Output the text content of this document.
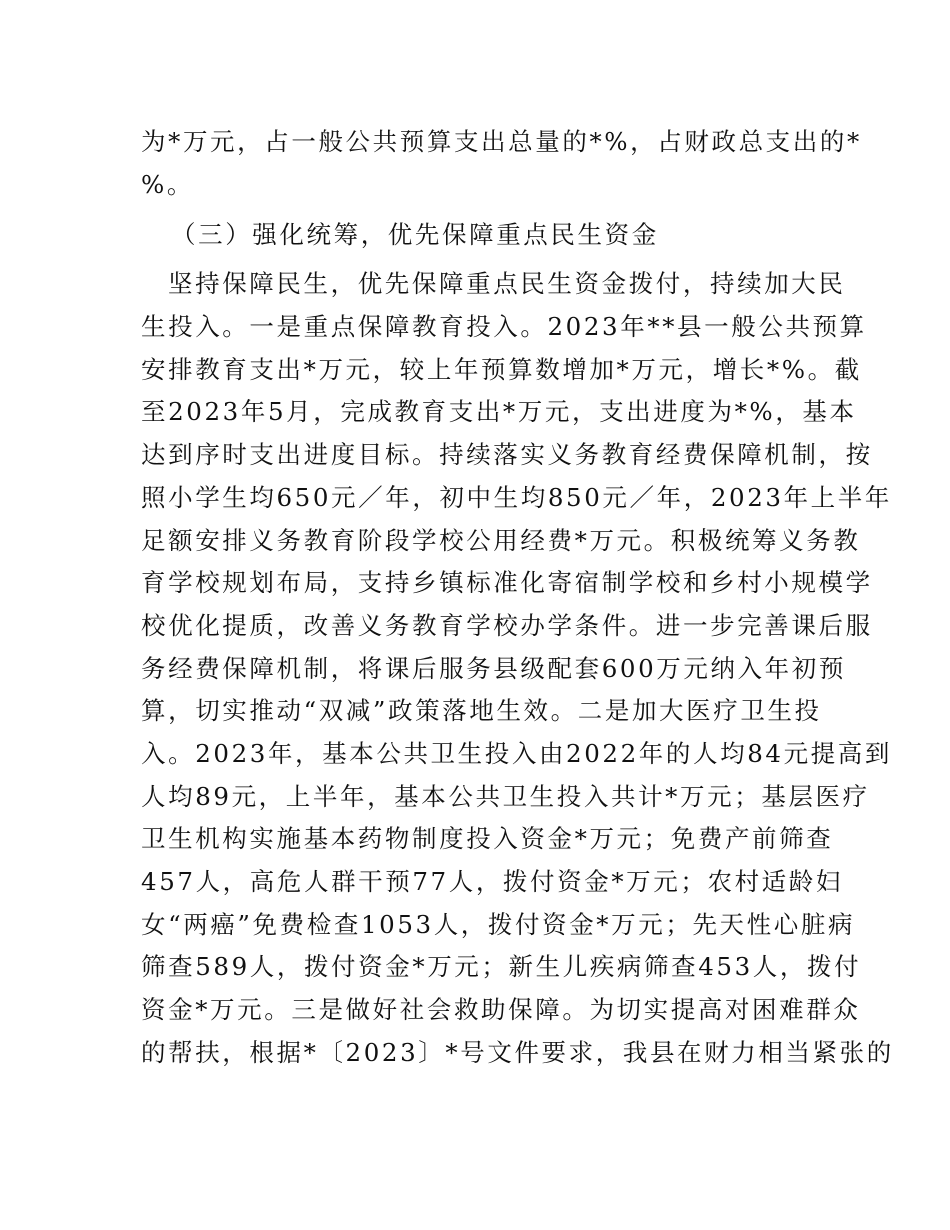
为*万元，占一般公共预算支出总量的*%，占财政总支出的*
%。
（三）强化统筹，优先保障重点民生资金
坚持保障民生，优先保障重点民生资金拨付，持续加大民
生投入。一是重点保障教育投入。2023年**县一般公共预算
安排教育支出*万元，较上年预算数增加*万元，增长*%。截
至2023年5月，完成教育支出*万元，支出进度为*%，基本
达到序时支出进度目标。持续落实义务教育经费保障机制，按
照小学生均650元／年，初中生均850元／年，2023年上半年
足额安排义务教育阶段学校公用经费*万元。积极统筹义务教
育学校规划布局，支持乡镇标准化寄宿制学校和乡村小规模学
校优化提质，改善义务教育学校办学条件。进一步完善课后服
务经费保障机制，将课后服务县级配套600万元纳入年初预
算，切实推动“双减”政策落地生效。二是加大医疗卫生投
入。2023年，基本公共卫生投入由2022年的人均84元提高到
人均89元，上半年，基本公共卫生投入共计*万元；基层医疗
卫生机构实施基本药物制度投入资金*万元；免费产前筛查
457人，高危人群干预77人，拨付资金*万元；农村适龄妇
女“两癌”免费检查1053人，拨付资金*万元；先天性心脏病
筛查589人，拨付资金*万元；新生儿疾病筛查453人，拨付
资金*万元。三是做好社会救助保障。为切实提高对困难群众
的帮扶，根据*〔2023〕*号文件要求，我县在财力相当紧张的
